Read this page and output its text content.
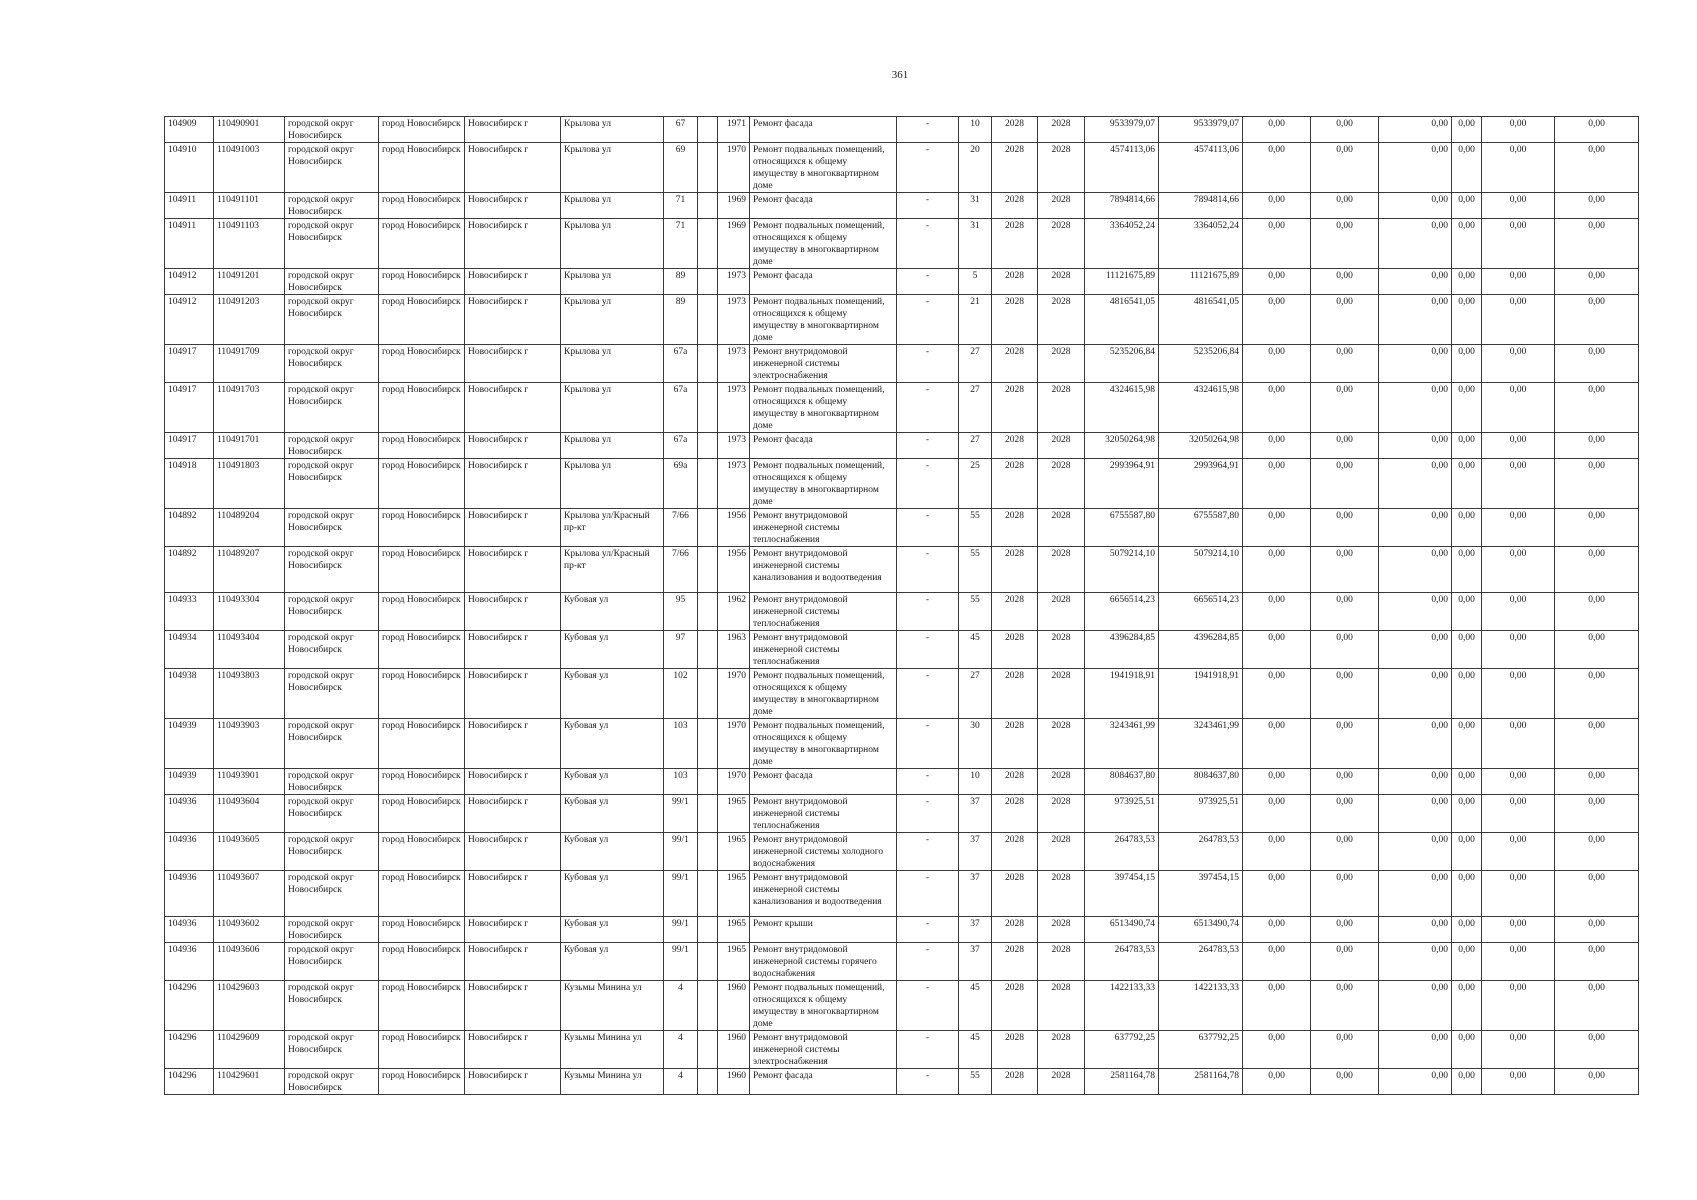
361
104909	110490901	городской округ Новосибирск	город Новосибирск	Новосибирск г	Крылова ул	67		1971	Ремонт фасада	-	10	2028	2028	9533979,07	9533979,07	0,00	0,00	0,00	0,00	0,00	0,00
104910	110491003	городской округ Новосибирск	город Новосибирск	Новосибирск г	Крылова ул	69		1970	Ремонт подвальных помещений, относящихся к общему имуществу в многоквартирном доме	-	20	2028	2028	4574113,06	4574113,06	0,00	0,00	0,00	0,00	0,00	0,00
104911	110491101	городской округ Новосибирск	город Новосибирск	Новосибирск г	Крылова ул	71		1969	Ремонт фасада	-	31	2028	2028	7894814,66	7894814,66	0,00	0,00	0,00	0,00	0,00	0,00
104911	110491103	городской округ Новосибирск	город Новосибирск	Новосибирск г	Крылова ул	71		1969	Ремонт подвальных помещений, относящихся к общему имуществу в многоквартирном доме	-	31	2028	2028	3364052,24	3364052,24	0,00	0,00	0,00	0,00	0,00	0,00
104912	110491201	городской округ Новосибирск	город Новосибирск	Новосибирск г	Крылова ул	89		1973	Ремонт фасада	-	5	2028	2028	11121675,89	11121675,89	0,00	0,00	0,00	0,00	0,00	0,00
104912	110491203	городской округ Новосибирск	город Новосибирск	Новосибирск г	Крылова ул	89		1973	Ремонт подвальных помещений, относящихся к общему имуществу в многоквартирном доме	-	21	2028	2028	4816541,05	4816541,05	0,00	0,00	0,00	0,00	0,00	0,00
104917	110491709	городской округ Новосибирск	город Новосибирск	Новосибирск г	Крылова ул	67а		1973	Ремонт внутридомовой инженерной системы электроснабжения	-	27	2028	2028	5235206,84	5235206,84	0,00	0,00	0,00	0,00	0,00	0,00
104917	110491703	городской округ Новосибирск	город Новосибирск	Новосибирск г	Крылова ул	67а		1973	Ремонт подвальных помещений, относящихся к общему имуществу в многоквартирном доме	-	27	2028	2028	4324615,98	4324615,98	0,00	0,00	0,00	0,00	0,00	0,00
104917	110491701	городской округ Новосибирск	город Новосибирск	Новосибирск г	Крылова ул	67а		1973	Ремонт фасада	-	27	2028	2028	32050264,98	32050264,98	0,00	0,00	0,00	0,00	0,00	0,00
104918	110491803	городской округ Новосибирск	город Новосибирск	Новосибирск г	Крылова ул	69а		1973	Ремонт подвальных помещений, относящихся к общему имуществу в многоквартирном доме	-	25	2028	2028	2993964,91	2993964,91	0,00	0,00	0,00	0,00	0,00	0,00
104892	110489204	городской округ Новосибирск	город Новосибирск	Новосибирск г	Крылова ул/Красный пр-кт	7/66		1956	Ремонт внутридомовой инженерной системы теплоснабжения	-	55	2028	2028	6755587,80	6755587,80	0,00	0,00	0,00	0,00	0,00	0,00
104892	110489207	городской округ Новосибирск	город Новосибирск	Новосибирск г	Крылова ул/Красный пр-кт	7/66		1956	Ремонт внутридомовой инженерной системы канализования и водоотведения	-	55	2028	2028	5079214,10	5079214,10	0,00	0,00	0,00	0,00	0,00	0,00
104933	110493304	городской округ Новосибирск	город Новосибирск	Новосибирск г	Кубовая ул	95		1962	Ремонт внутридомовой инженерной системы теплоснабжения	-	55	2028	2028	6656514,23	6656514,23	0,00	0,00	0,00	0,00	0,00	0,00
104934	110493404	городской округ Новосибирск	город Новосибирск	Новосибирск г	Кубовая ул	97		1963	Ремонт внутридомовой инженерной системы теплоснабжения	-	45	2028	2028	4396284,85	4396284,85	0,00	0,00	0,00	0,00	0,00	0,00
104938	110493803	городской округ Новосибирск	город Новосибирск	Новосибирск г	Кубовая ул	102		1970	Ремонт подвальных помещений, относящихся к общему имуществу в многоквартирном доме	-	27	2028	2028	1941918,91	1941918,91	0,00	0,00	0,00	0,00	0,00	0,00
104939	110493903	городской округ Новосибирск	город Новосибирск	Новосибирск г	Кубовая ул	103		1970	Ремонт подвальных помещений, относящихся к общему имуществу в многоквартирном доме	-	30	2028	2028	3243461,99	3243461,99	0,00	0,00	0,00	0,00	0,00	0,00
104939	110493901	городской округ Новосибирск	город Новосибирск	Новосибирск г	Кубовая ул	103		1970	Ремонт фасада	-	10	2028	2028	8084637,80	8084637,80	0,00	0,00	0,00	0,00	0,00	0,00
104936	110493604	городской округ Новосибирск	город Новосибирск	Новосибирск г	Кубовая ул	99/1		1965	Ремонт внутридомовой инженерной системы теплоснабжения	-	37	2028	2028	973925,51	973925,51	0,00	0,00	0,00	0,00	0,00	0,00
104936	110493605	городской округ Новосибирск	город Новосибирск	Новосибирск г	Кубовая ул	99/1		1965	Ремонт внутридомовой инженерной системы холодного водоснабжения	-	37	2028	2028	264783,53	264783,53	0,00	0,00	0,00	0,00	0,00	0,00
104936	110493607	городской округ Новосибирск	город Новосибирск	Новосибирск г	Кубовая ул	99/1		1965	Ремонт внутридомовой инженерной системы канализования и водоотведения	-	37	2028	2028	397454,15	397454,15	0,00	0,00	0,00	0,00	0,00	0,00
104936	110493602	городской округ Новосибирск	город Новосибирск	Новосибирск г	Кубовая ул	99/1		1965	Ремонт крыши	-	37	2028	2028	6513490,74	6513490,74	0,00	0,00	0,00	0,00	0,00	0,00
104936	110493606	городской округ Новосибирск	город Новосибирск	Новосибирск г	Кубовая ул	99/1		1965	Ремонт внутридомовой инженерной системы горячего водоснабжения	-	37	2028	2028	264783,53	264783,53	0,00	0,00	0,00	0,00	0,00	0,00
104296	110429603	городской округ Новосибирск	город Новосибирск	Новосибирск г	Кузьмы Минина ул	4		1960	Ремонт подвальных помещений, относящихся к общему имуществу в многоквартирном доме	-	45	2028	2028	1422133,33	1422133,33	0,00	0,00	0,00	0,00	0,00	0,00
104296	110429609	городской округ Новосибирск	город Новосибирск	Новосибирск г	Кузьмы Минина ул	4		1960	Ремонт внутридомовой инженерной системы электроснабжения	-	45	2028	2028	637792,25	637792,25	0,00	0,00	0,00	0,00	0,00	0,00
104296	110429601	городской округ Новосибирск	город Новосибирск	Новосибирск г	Кузьмы Минина ул	4		1960	Ремонт фасада	-	55	2028	2028	2581164,78	2581164,78	0,00	0,00	0,00	0,00	0,00	0,00
